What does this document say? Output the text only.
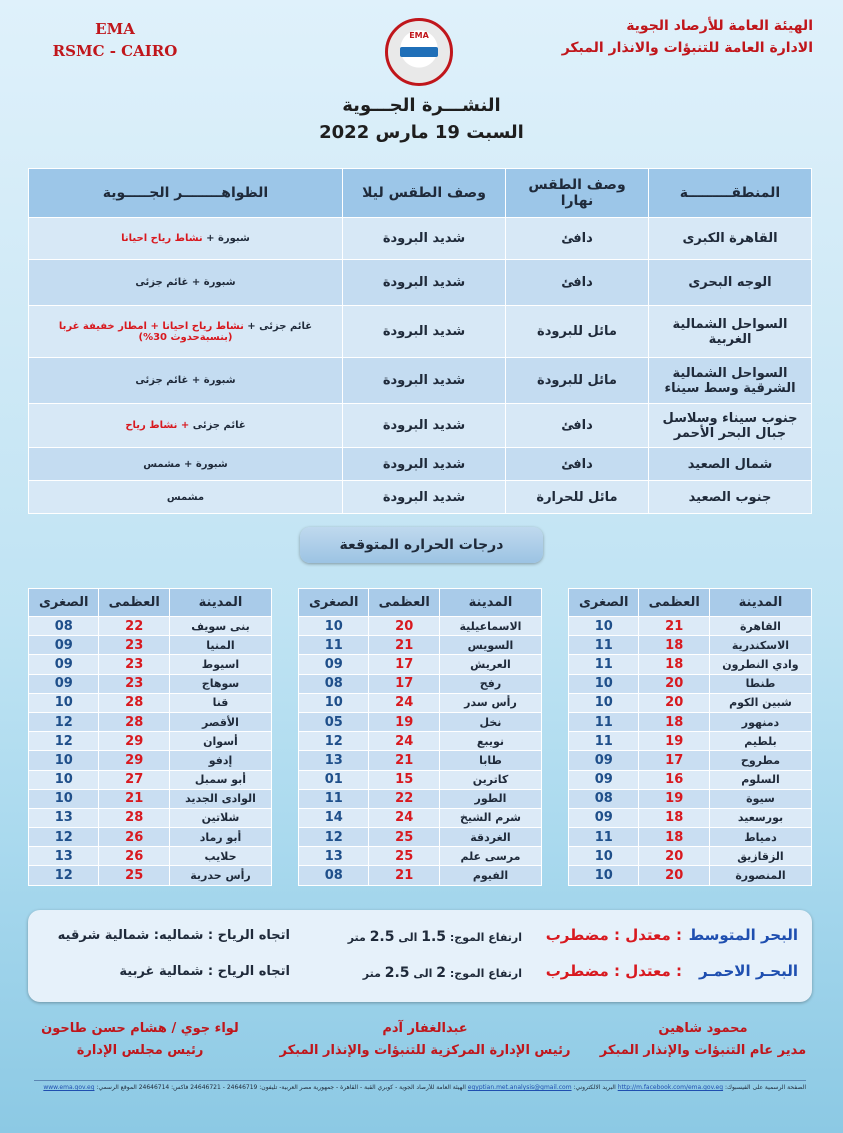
EMA
RSMC - CAIRO
EMA
الهيئة العامة للأرصاد الجوية
الادارة العامة للتنبؤات والانذار المبكر
النشـــرة الجـــوية
السبت 19 مارس 2022
المنطقـــــــــة	وصف الطقس نهارا	وصف الطقس ليلا	الظواهــــــــر الجـــــوية
القاهرة الكبرى	دافئ	شديد البرودة	شبورة + نشاط رياح احيانا
الوجه البحرى	دافئ	شديد البرودة	شبورة + غائم جزئى
السواحل الشمالية الغربية	مائل للبرودة	شديد البرودة	غائم جزئى + نشاط رياح احيانا + امطار خفيفة غربا
(بنسبةحدوث 30%)
السواحل الشمالية الشرقية وسط سيناء	مائل للبرودة	شديد البرودة	شبورة + غائم جزئى
جنوب سيناء وسلاسل جبال البحر الأحمر	دافئ	شديد البرودة	غائم جزئى + نشاط رياح
شمال الصعيد	دافئ	شديد البرودة	شبورة + مشمس
جنوب الصعيد	مائل للحرارة	شديد البرودة	مشمس
درجات الحراره المتوقعة
المدينة	العظمى	الصغرى
القاهرة	21	10
الاسكندرية	18	11
وادي النطرون	18	11
طنطا	20	10
شبين الكوم	20	10
دمنهور	18	11
بلطيم	19	11
مطروح	17	09
السلوم	16	09
سيوة	19	08
بورسعيد	18	09
دمياط	18	11
الزقازيق	20	10
المنصورة	20	10
المدينة	العظمى	الصغرى
الاسماعيلية	20	10
السويس	21	11
العريش	17	09
رفح	17	08
رأس سدر	24	10
نخل	19	05
نويبع	24	12
طابا	21	13
كاترين	15	01
الطور	22	11
شرم الشيخ	24	14
الغردقة	25	12
مرسى علم	25	13
الفيوم	21	08
المدينة	العظمى	الصغرى
بنى سويف	22	08
المنيا	23	09
اسيوط	23	09
سوهاج	23	09
قنا	28	10
الأقصر	28	12
أسوان	29	12
إدفو	29	10
أبو سمبل	27	10
الوادى الجديد	21	10
شلاتين	28	13
أبو رماد	26	12
حلايب	26	13
رأس حدربة	25	12
البحر المتوسط
: معتدل : مضطرب
ارتفاع الموج: 1.5 الى 2.5 متر
اتجاه الرياح : شماليه: شمالية شرقيه
البحـر الاحمـر
: معتدل : مضطرب
ارتفاع الموج: 2 الى 2.5 متر
اتجاه الرياح : شمالية غربية
محمود شاهين
مدير عام التنبؤات والإنذار المبكر
عبدالغفار آدم
رئيس الإدارة المركزية للتنبؤات والإنذار المبكر
لواء جوي / هشام حسن طاحون
رئيس مجلس الإدارة
الصفحة الرسمية على الفيسبوك: http://m.facebook.com/ema.gov.eg البريد الالكتروني: egyptian.met.analysis@gmail.com الهيئة العامة للأرصاد الجوية - كوبري القبة - القاهرة - جمهورية مصر العربية- تليفون: 24646719 - 24646721 فاكس: 24646714 الموقع الرسمي: www.ema.gov.eg
